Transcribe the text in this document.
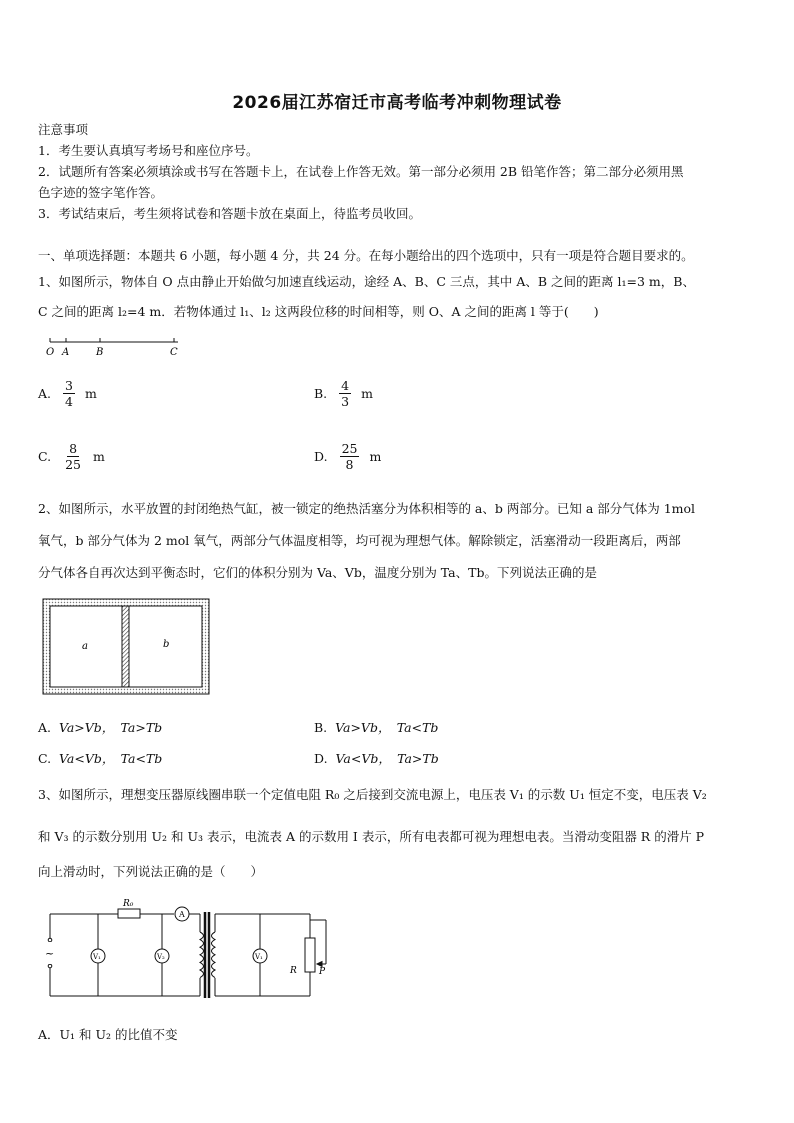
2026届江苏宿迁市高考临考冲刺物理试卷
注意事项
1．考生要认真填写考场号和座位序号。
2．试题所有答案必须填涂或书写在答题卡上，在试卷上作答无效。第一部分必须用 2B 铅笔作答；第二部分必须用黑
色字迹的签字笔作答。
3．考试结束后，考生须将试卷和答题卡放在桌面上，待监考员收回。
一、单项选择题：本题共 6 小题，每小题 4 分，共 24 分。在每小题给出的四个选项中，只有一项是符合题目要求的。
1、如图所示，物体自 O 点由静止开始做匀加速直线运动，途经 A、B、C 三点，其中 A、B 之间的距离 l₁=3 m，B、
C 之间的距离 l₂=4 m．若物体通过 l₁、l₂ 这两段位移的时间相等，则 O、A 之间的距离 l 等于(　　)
O A	B	C
A. $\frac{3}{4}$ m	B. $\frac{4}{3}$ m
C. $\frac{8}{25}$ m	D. $\frac{25}{8}$ m
2、如图所示，水平放置的封闭绝热气缸，被一锁定的绝热活塞分为体积相等的 a、b 两部分。已知 a 部分气体为 1mol
氧气，b 部分气体为 2 mol 氧气，两部分气体温度相等，均可视为理想气体。解除锁定，活塞滑动一段距离后，两部
分气体各自再次达到平衡态时，它们的体积分别为 Va、Vb，温度分别为 Ta、Tb。下列说法正确的是
a	b
A. Va>Vb，　Ta>Tb	B. Va>Vb，　Ta<Tb
C. Va<Vb，　Ta<Tb	D. Va<Vb，　Ta>Tb
3、如图所示，理想变压器原线圈串联一个定值电阻 R₀ 之后接到交流电源上，电压表 V₁ 的示数 U₁ 恒定不变，电压表 V₂
和 V₃ 的示数分别用 U₂ 和 U₃ 表示，电流表 A 的示数用 I 表示，所有电表都可视为理想电表。当滑动变阻器 R 的滑片 P
向上滑动时，下列说法正确的是（　　）
~
R₀
A
V₁	V₂	V₁
R P
A．U₁ 和 U₂ 的比值不变
